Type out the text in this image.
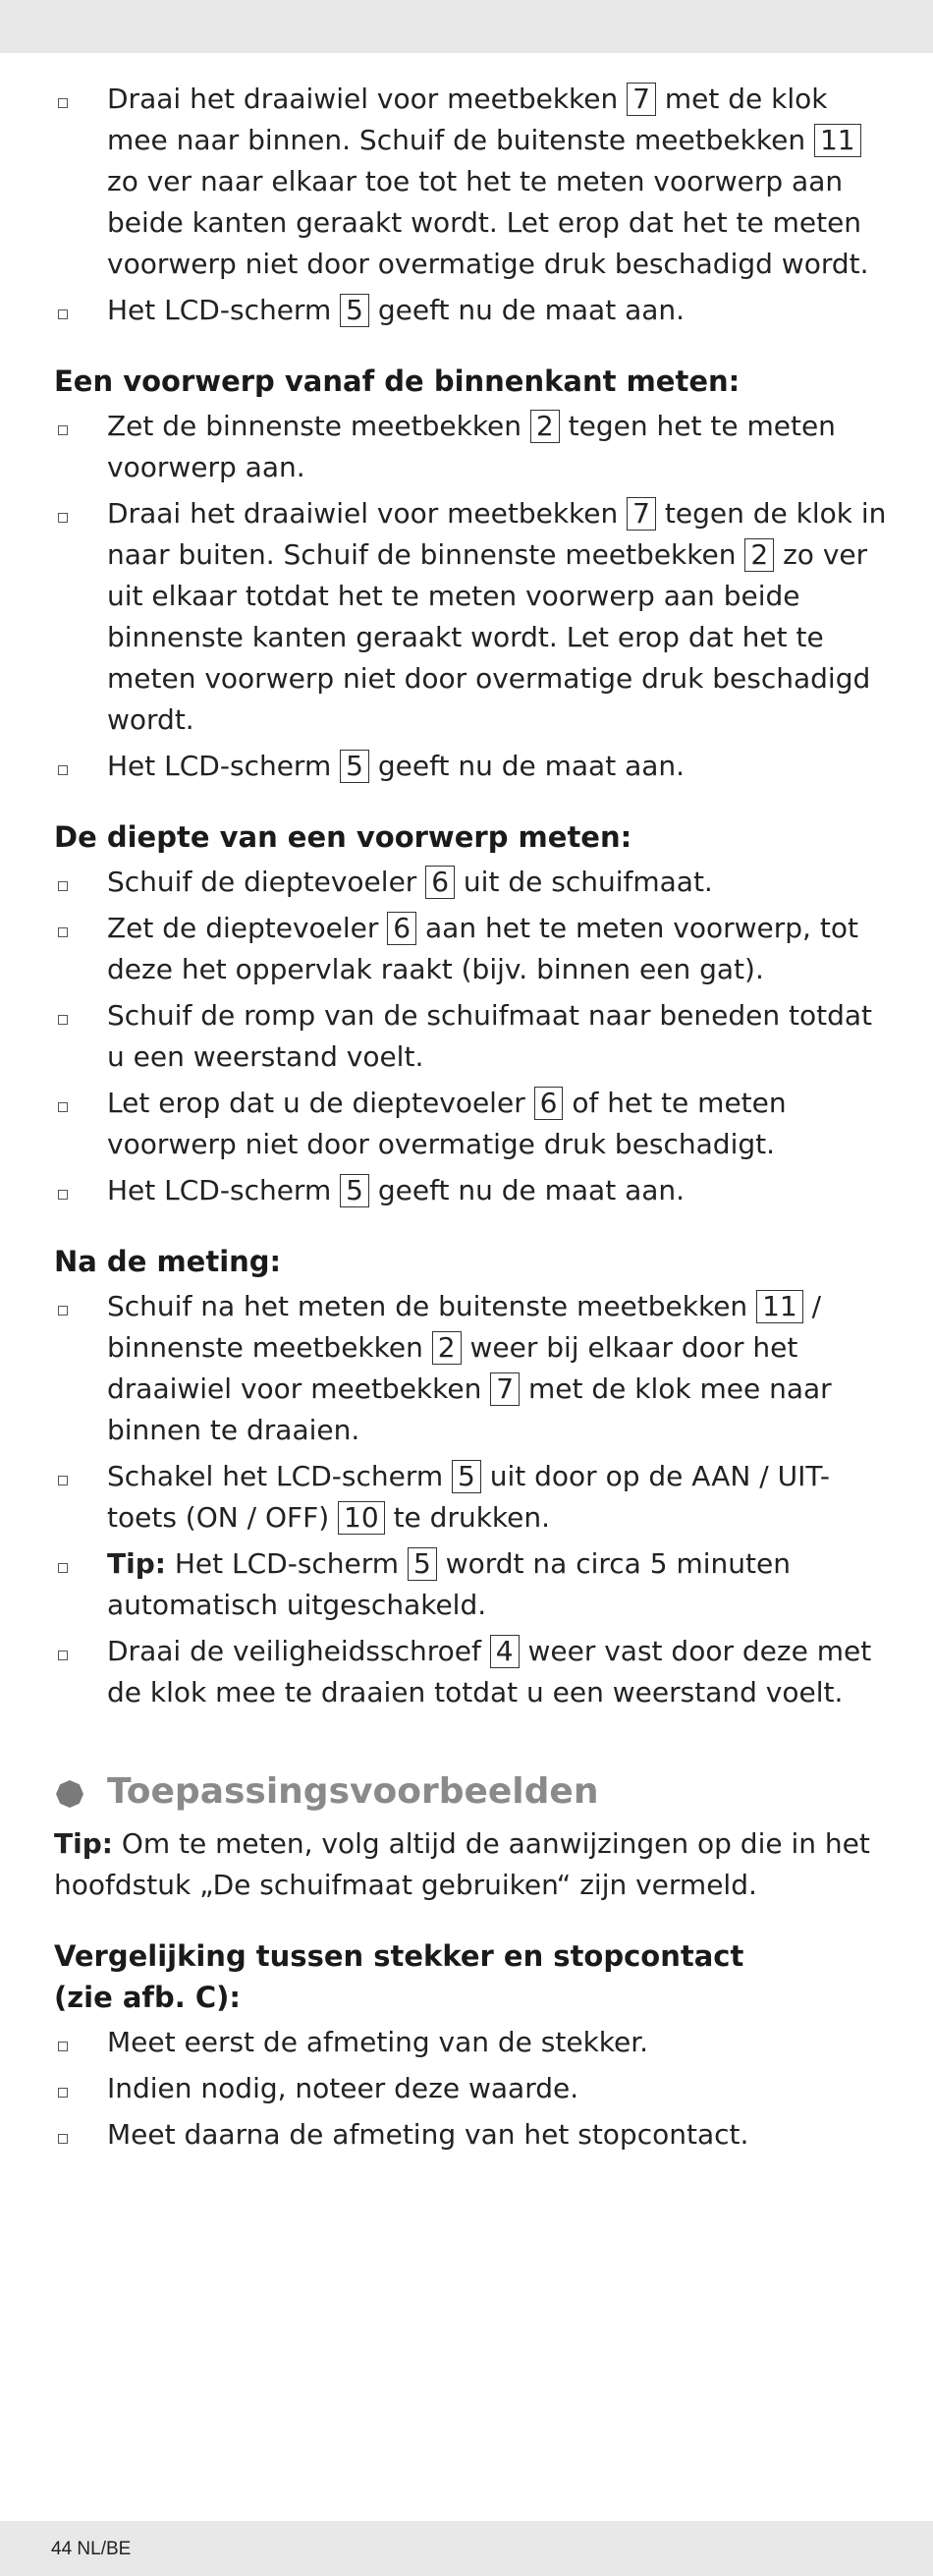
Draai het draaiwiel voor meetbekken 7 met de klok mee naar binnen. Schuif de buitenste meetbekken 11 zo ver naar elkaar toe tot het te meten voorwerp aan beide kanten geraakt wordt. Let erop dat het te meten voorwerp niet door overmatige druk beschadigd wordt.
Het LCD-scherm 5 geeft nu de maat aan.
Een voorwerp vanaf de binnenkant meten:
Zet de binnenste meetbekken 2 tegen het te meten voorwerp aan.
Draai het draaiwiel voor meetbekken 7 tegen de klok in naar buiten. Schuif de binnenste meetbekken 2 zo ver uit elkaar totdat het te meten voorwerp aan beide binnenste kanten geraakt wordt. Let erop dat het te meten voorwerp niet door overmatige druk beschadigd wordt.
Het LCD-scherm 5 geeft nu de maat aan.
De diepte van een voorwerp meten:
Schuif de dieptevoeler 6 uit de schuifmaat.
Zet de dieptevoeler 6 aan het te meten voorwerp, tot deze het oppervlak raakt (bijv. binnen een gat).
Schuif de romp van de schuifmaat naar beneden totdat u een weerstand voelt.
Let erop dat u de dieptevoeler 6 of het te meten voorwerp niet door overmatige druk beschadigt.
Het LCD-scherm 5 geeft nu de maat aan.
Na de meting:
Schuif na het meten de buitenste meetbekken 11 / binnenste meetbekken 2 weer bij elkaar door het draaiwiel voor meetbekken 7 met de klok mee naar binnen te draaien.
Schakel het LCD-scherm 5 uit door op de AAN / UIT-toets (ON / OFF) 10 te drukken.
Tip: Het LCD-scherm 5 wordt na circa 5 minuten automatisch uitgeschakeld.
Draai de veiligheidsschroef 4 weer vast door deze met de klok mee te draaien totdat u een weerstand voelt.
Toepassingsvoorbeelden
Tip: Om te meten, volg altijd de aanwijzingen op die in het hoofdstuk „De schuifmaat gebruiken“ zijn vermeld.
Vergelijking tussen stekker en stopcontact
(zie afb. C):
Meet eerst de afmeting van de stekker.
Indien nodig, noteer deze waarde.
Meet daarna de afmeting van het stopcontact.
44 NL/BE
